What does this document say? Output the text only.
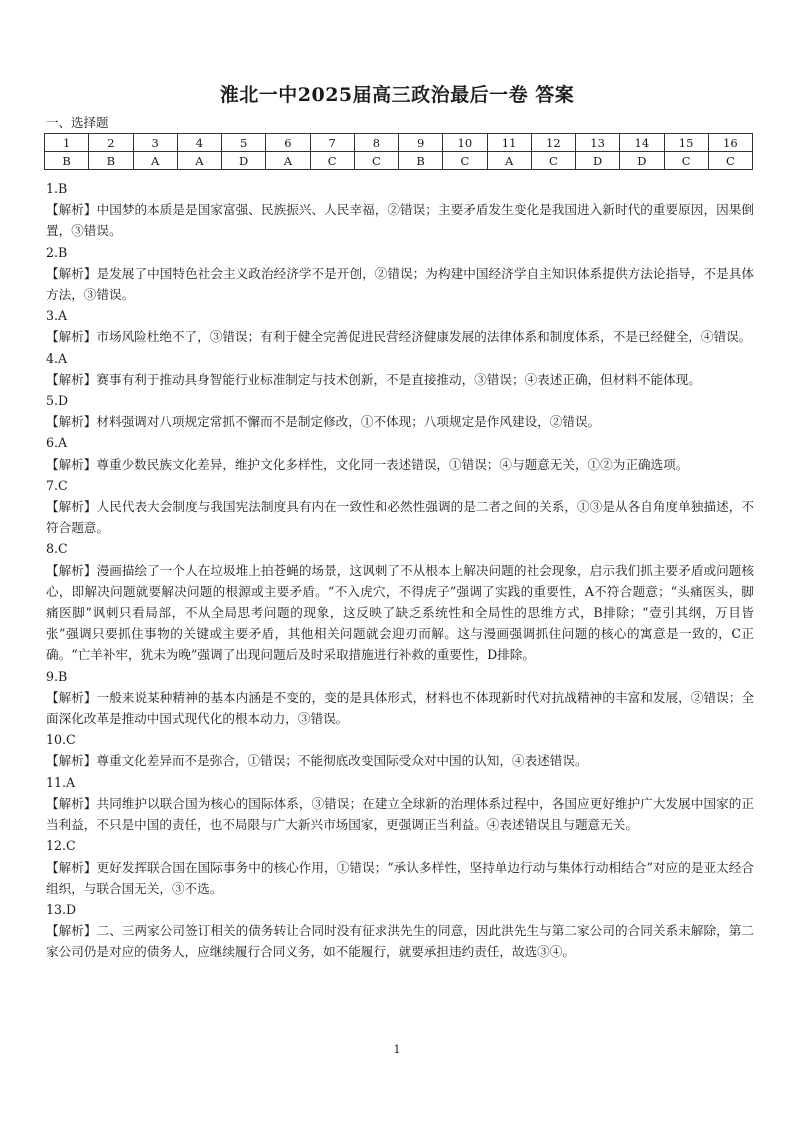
淮北一中2025届高三政治最后一卷 答案
一、选择题
1	2	3	4	5	6	7	8	9	10	11	12	13	14	15	16
B	B	A	A	D	A	C	C	B	C	A	C	D	D	C	C
1.B
【解析】中国梦的本质是是国家富强、民族振兴、人民幸福，②错误；主要矛盾发生变化是我国进入新时代的重要原因，因果倒置，③错误。
2.B
【解析】是发展了中国特色社会主义政治经济学不是开创，②错误；为构建中国经济学自主知识体系提供方法论指导，不是具体方法，③错误。
3.A
【解析】市场风险杜绝不了，③错误；有利于健全完善促进民营经济健康发展的法律体系和制度体系，不是已经健全，④错误。
4.A
【解析】赛事有利于推动具身智能行业标准制定与技术创新，不是直接推动，③错误；④表述正确，但材料不能体现。
5.D
【解析】材料强调对八项规定常抓不懈而不是制定修改，①不体现；八项规定是作风建设，②错误。
6.A
【解析】尊重少数民族文化差异，维护文化多样性，文化同一表述错误，①错误；④与题意无关，①②为正确选项。
7.C
【解析】人民代表大会制度与我国宪法制度具有内在一致性和必然性强调的是二者之间的关系，①③是从各自角度单独描述，不符合题意。
8.C
【解析】漫画描绘了一个人在垃圾堆上拍苍蝇的场景，这讽刺了不从根本上解决问题的社会现象，启示我们抓主要矛盾或问题核心，即解决问题就要解决问题的根源或主要矛盾。“不入虎穴，不得虎子”强调了实践的重要性，A不符合题意；“头痛医头，脚痛医脚”讽刺只看局部，不从全局思考问题的现象，这反映了缺乏系统性和全局性的思维方式，B排除；“壹引其纲，万目皆张”强调只要抓住事物的关键或主要矛盾，其他相关问题就会迎刃而解。这与漫画强调抓住问题的核心的寓意是一致的，C正确。“亡羊补牢，犹未为晚”强调了出现问题后及时采取措施进行补救的重要性，D排除。
9.B
【解析】一般来说某种精神的基本内涵是不变的，变的是具体形式，材料也不体现新时代对抗战精神的丰富和发展，②错误；全面深化改革是推动中国式现代化的根本动力，③错误。
10.C
【解析】尊重文化差异而不是弥合，①错误；不能彻底改变国际受众对中国的认知，④表述错误。
11.A
【解析】共同维护以联合国为核心的国际体系，③错误；在建立全球新的治理体系过程中，各国应更好维护广大发展中国家的正当利益，不只是中国的责任，也不局限与广大新兴市场国家，更强调正当利益。④表述错误且与题意无关。
12.C
【解析】更好发挥联合国在国际事务中的核心作用，①错误；“承认多样性，坚持单边行动与集体行动相结合”对应的是亚太经合组织，与联合国无关，③不选。
13.D
【解析】二、三两家公司签订相关的债务转让合同时没有征求洪先生的同意，因此洪先生与第二家公司的合同关系未解除，第二家公司仍是对应的债务人，应继续履行合同义务，如不能履行，就要承担违约责任，故选③④。
1
